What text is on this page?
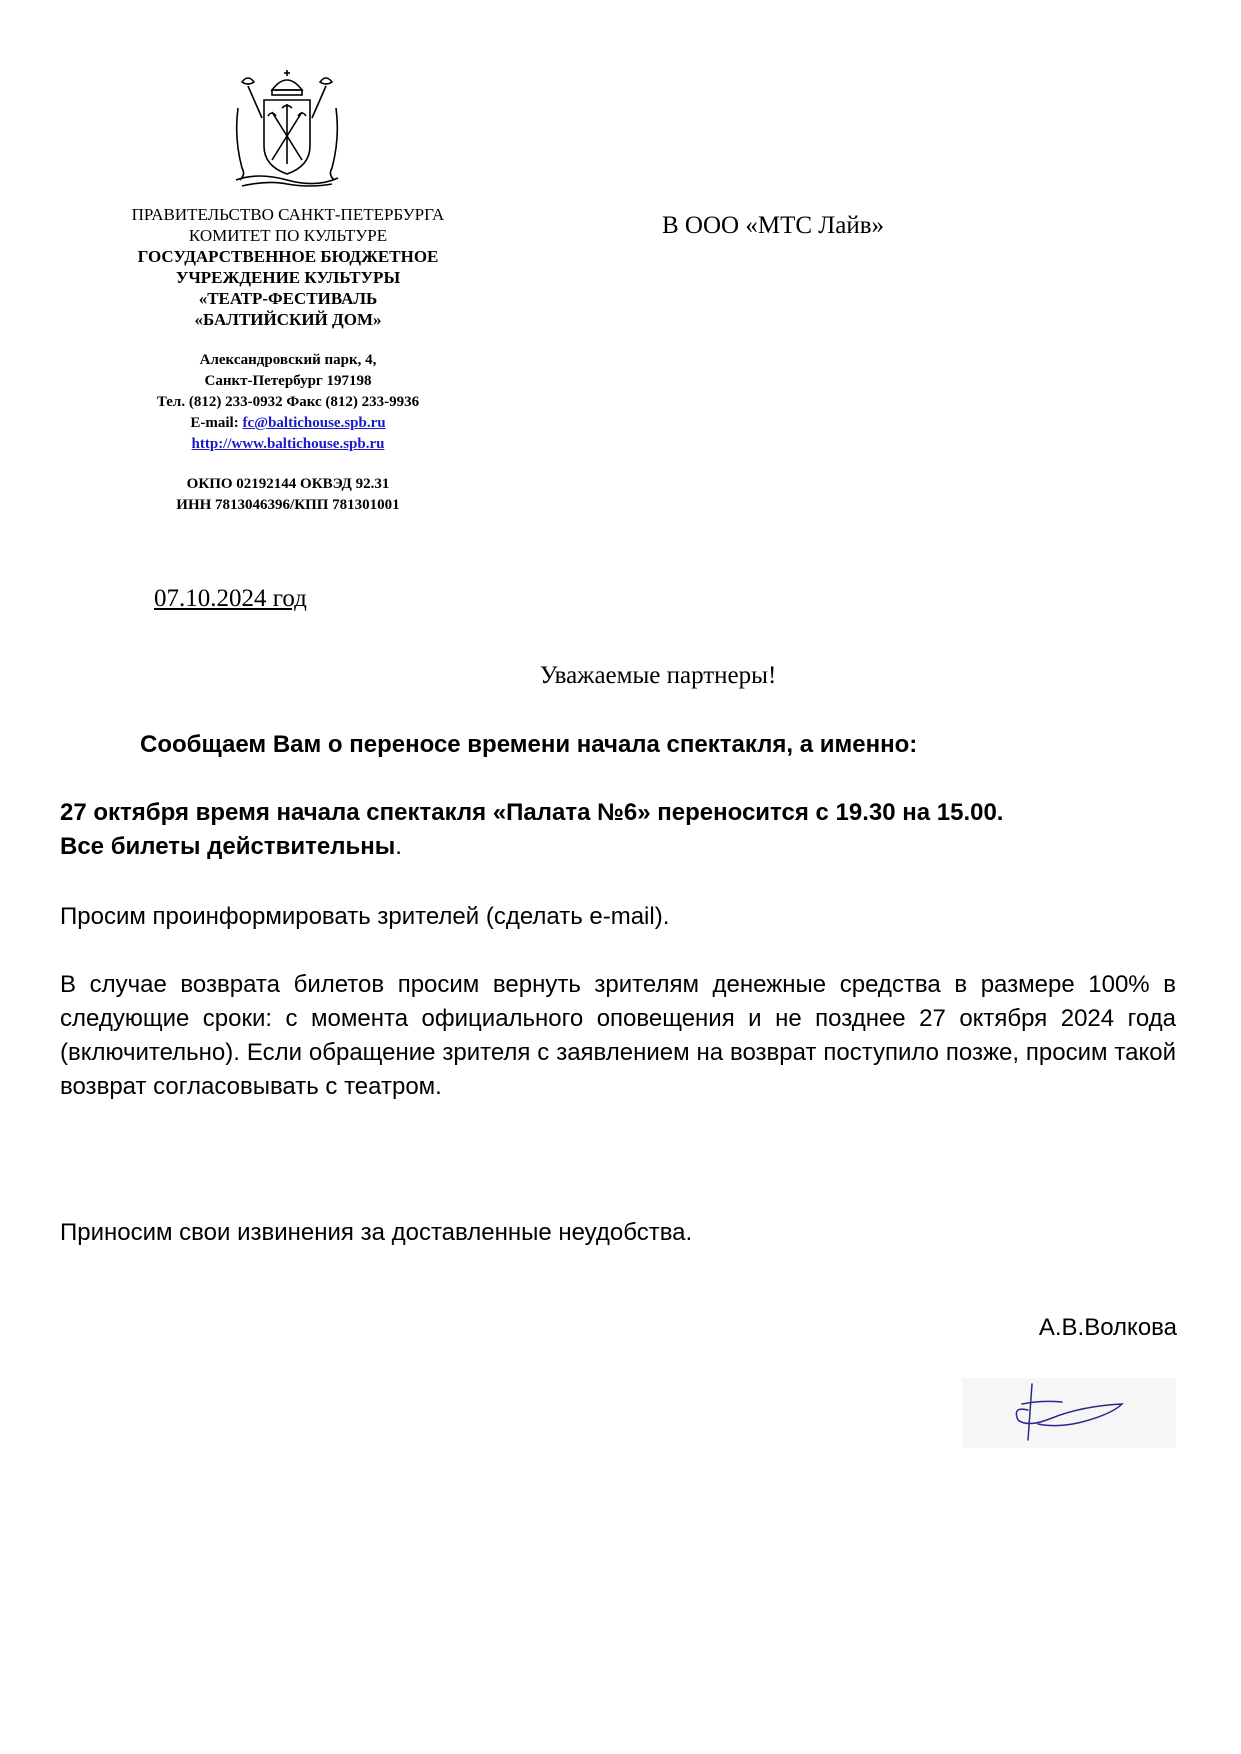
ПРАВИТЕЛЬСТВО САНКТ-ПЕТЕРБУРГА
КОМИТЕТ ПО КУЛЬТУРЕ
ГОСУДАРСТВЕННОЕ БЮДЖЕТНОЕ
УЧРЕЖДЕНИЕ КУЛЬТУРЫ
«ТЕАТР-ФЕСТИВАЛЬ
«БАЛТИЙСКИЙ ДОМ»
Александровский парк, 4,
Санкт-Петербург 197198
Тел. (812) 233-0932 Факс (812) 233-9936
E-mail: fc@baltichouse.spb.ru
http://www.baltichouse.spb.ru
ОКПО 02192144 ОКВЭД 92.31
ИНН 7813046396/КПП 781301001
В ООО «МТС Лайв»
07.10.2024 год
Уважаемые партнеры!
Сообщаем Вам о переносе времени начала спектакля, а именно:
27 октября время начала спектакля «Палата №6» переносится с 19.30 на 15.00.
Все билеты действительны.
Просим проинформировать зрителей (сделать e-mail).
В случае возврата билетов просим вернуть зрителям денежные средства в размере 100% в следующие сроки: с момента официального оповещения и не позднее 27 октября 2024 года (включительно). Если обращение зрителя с заявлением на возврат поступило позже, просим такой возврат согласовывать с театром.
Приносим свои извинения за доставленные неудобства.
А.В.Волкова
